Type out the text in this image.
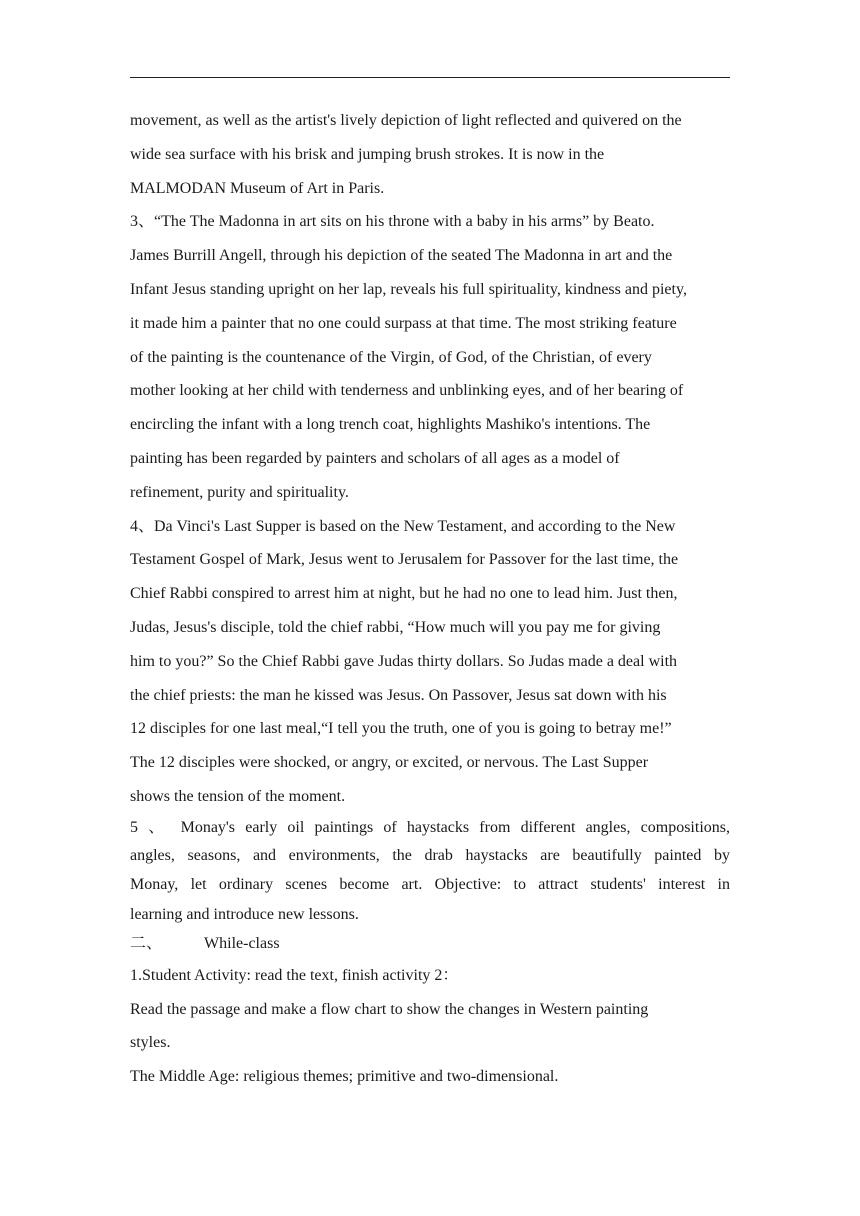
movement, as well as the artist's lively depiction of light reflected and quivered on the
wide sea surface with his brisk and jumping brush strokes. It is now in the
MALMODAN Museum of Art in Paris.
3、“The The Madonna in art sits on his throne with a baby in his arms” by Beato.
James Burrill Angell, through his depiction of the seated The Madonna in art and the
Infant Jesus standing upright on her lap, reveals his full spirituality, kindness and piety,
it made him a painter that no one could surpass at that time. The most striking feature
of the painting is the countenance of the Virgin, of God, of the Christian, of every
mother looking at her child with tenderness and unblinking eyes, and of her bearing of
encircling the infant with a long trench coat, highlights Mashiko's intentions. The
painting has been regarded by painters and scholars of all ages as a model of
refinement, purity and spirituality.
4、Da Vinci's Last Supper is based on the New Testament, and according to the New
Testament Gospel of Mark, Jesus went to Jerusalem for Passover for the last time, the
Chief Rabbi conspired to arrest him at night, but he had no one to lead him. Just then,
Judas, Jesus's disciple, told the chief rabbi, “How much will you pay me for giving
him to you?” So the Chief Rabbi gave Judas thirty dollars. So Judas made a deal with
the chief priests: the man he kissed was Jesus. On Passover, Jesus sat down with his
12 disciples for one last meal,“I tell you the truth, one of you is going to betray me!”
The 12 disciples were shocked, or angry, or excited, or nervous. The Last Supper
shows the tension of the moment.
5 、 Monay's early oil paintings of haystacks from different angles, compositions,
angles, seasons, and environments, the drab haystacks are beautifully painted by
Monay, let ordinary scenes become art. Objective: to attract students' interest in
learning and introduce new lessons.
二、	While-class
1.Student Activity: read the text, finish activity 2：
Read the passage and make a flow chart to show the changes in Western painting
styles.
The Middle Age: religious themes; primitive and two-dimensional.
